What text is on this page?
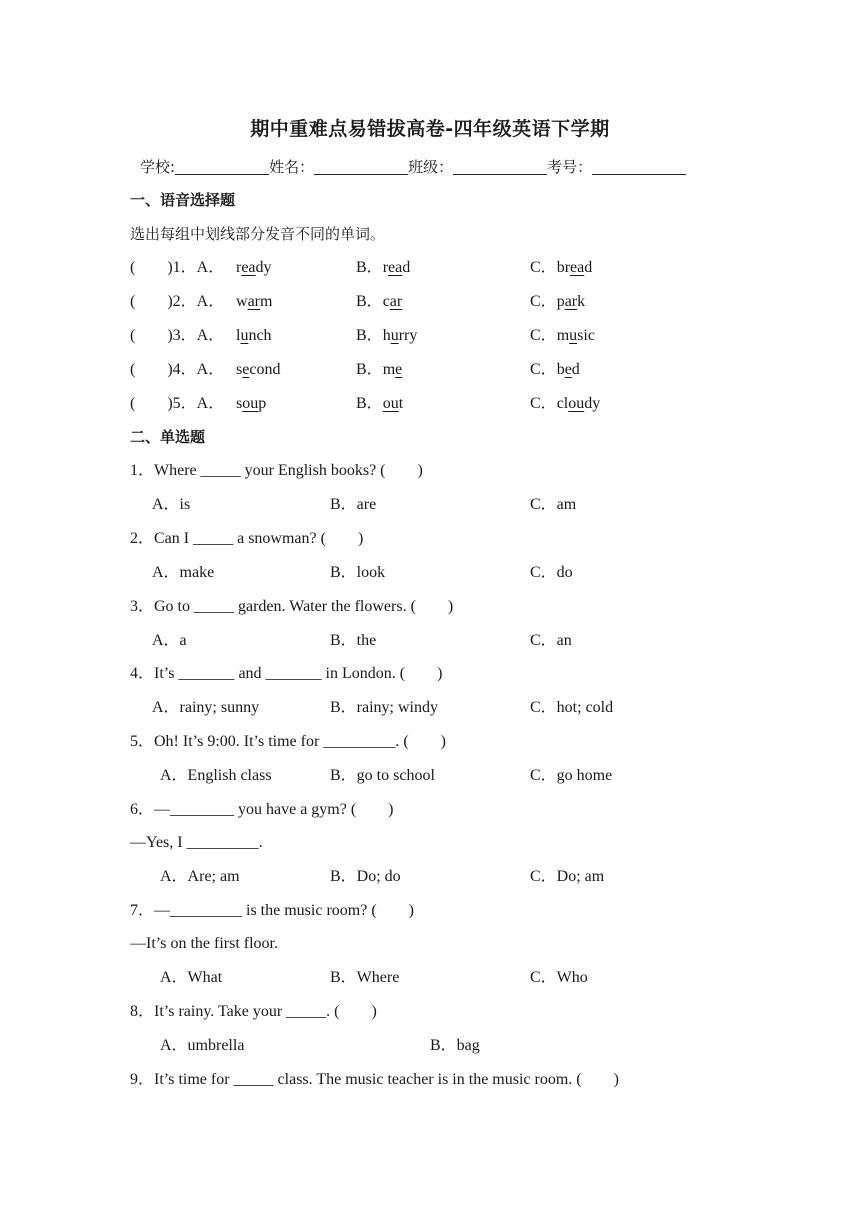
期中重难点易错拔高卷-四年级英语下学期
学校:	姓名：	班级：	考号：
一、语音选择题
选出每组中划线部分发音不同的单词。
(　　)1．A． ready	B．read	C．bread
(　　)2．A． warm	B．car	C．park
(　　)3．A． lunch	B．hurry	C．music
(　　)4．A． second	B．me	C．bed
(　　)5．A． soup	B．out	C．cloudy
二、单选题
1．Where _____ your English books? (　　)
A．is	B．are	C．am
2．Can I _____ a snowman? (　　)
A．make	B．look	C．do
3．Go to _____ garden. Water the flowers. (　　)
A．a	B．the	C．an
4．It’s _______ and _______ in London. (　　)
A．rainy; sunny	B．rainy; windy	C．hot; cold
5．Oh! It’s 9:00. It’s time for _________. (　　)
A．English class	B．go to school	C．go home
6．—________ you have a gym? (　　)
—Yes, I _________.
A．Are; am	B．Do; do	C．Do; am
7．—_________ is the music room? (　　)
—It’s on the first floor.
A．What	B．Where	C．Who
8．It’s rainy. Take your _____. (　　)
A．umbrella	B．bag
9．It’s time for _____ class. The music teacher is in the music room. (　　)
